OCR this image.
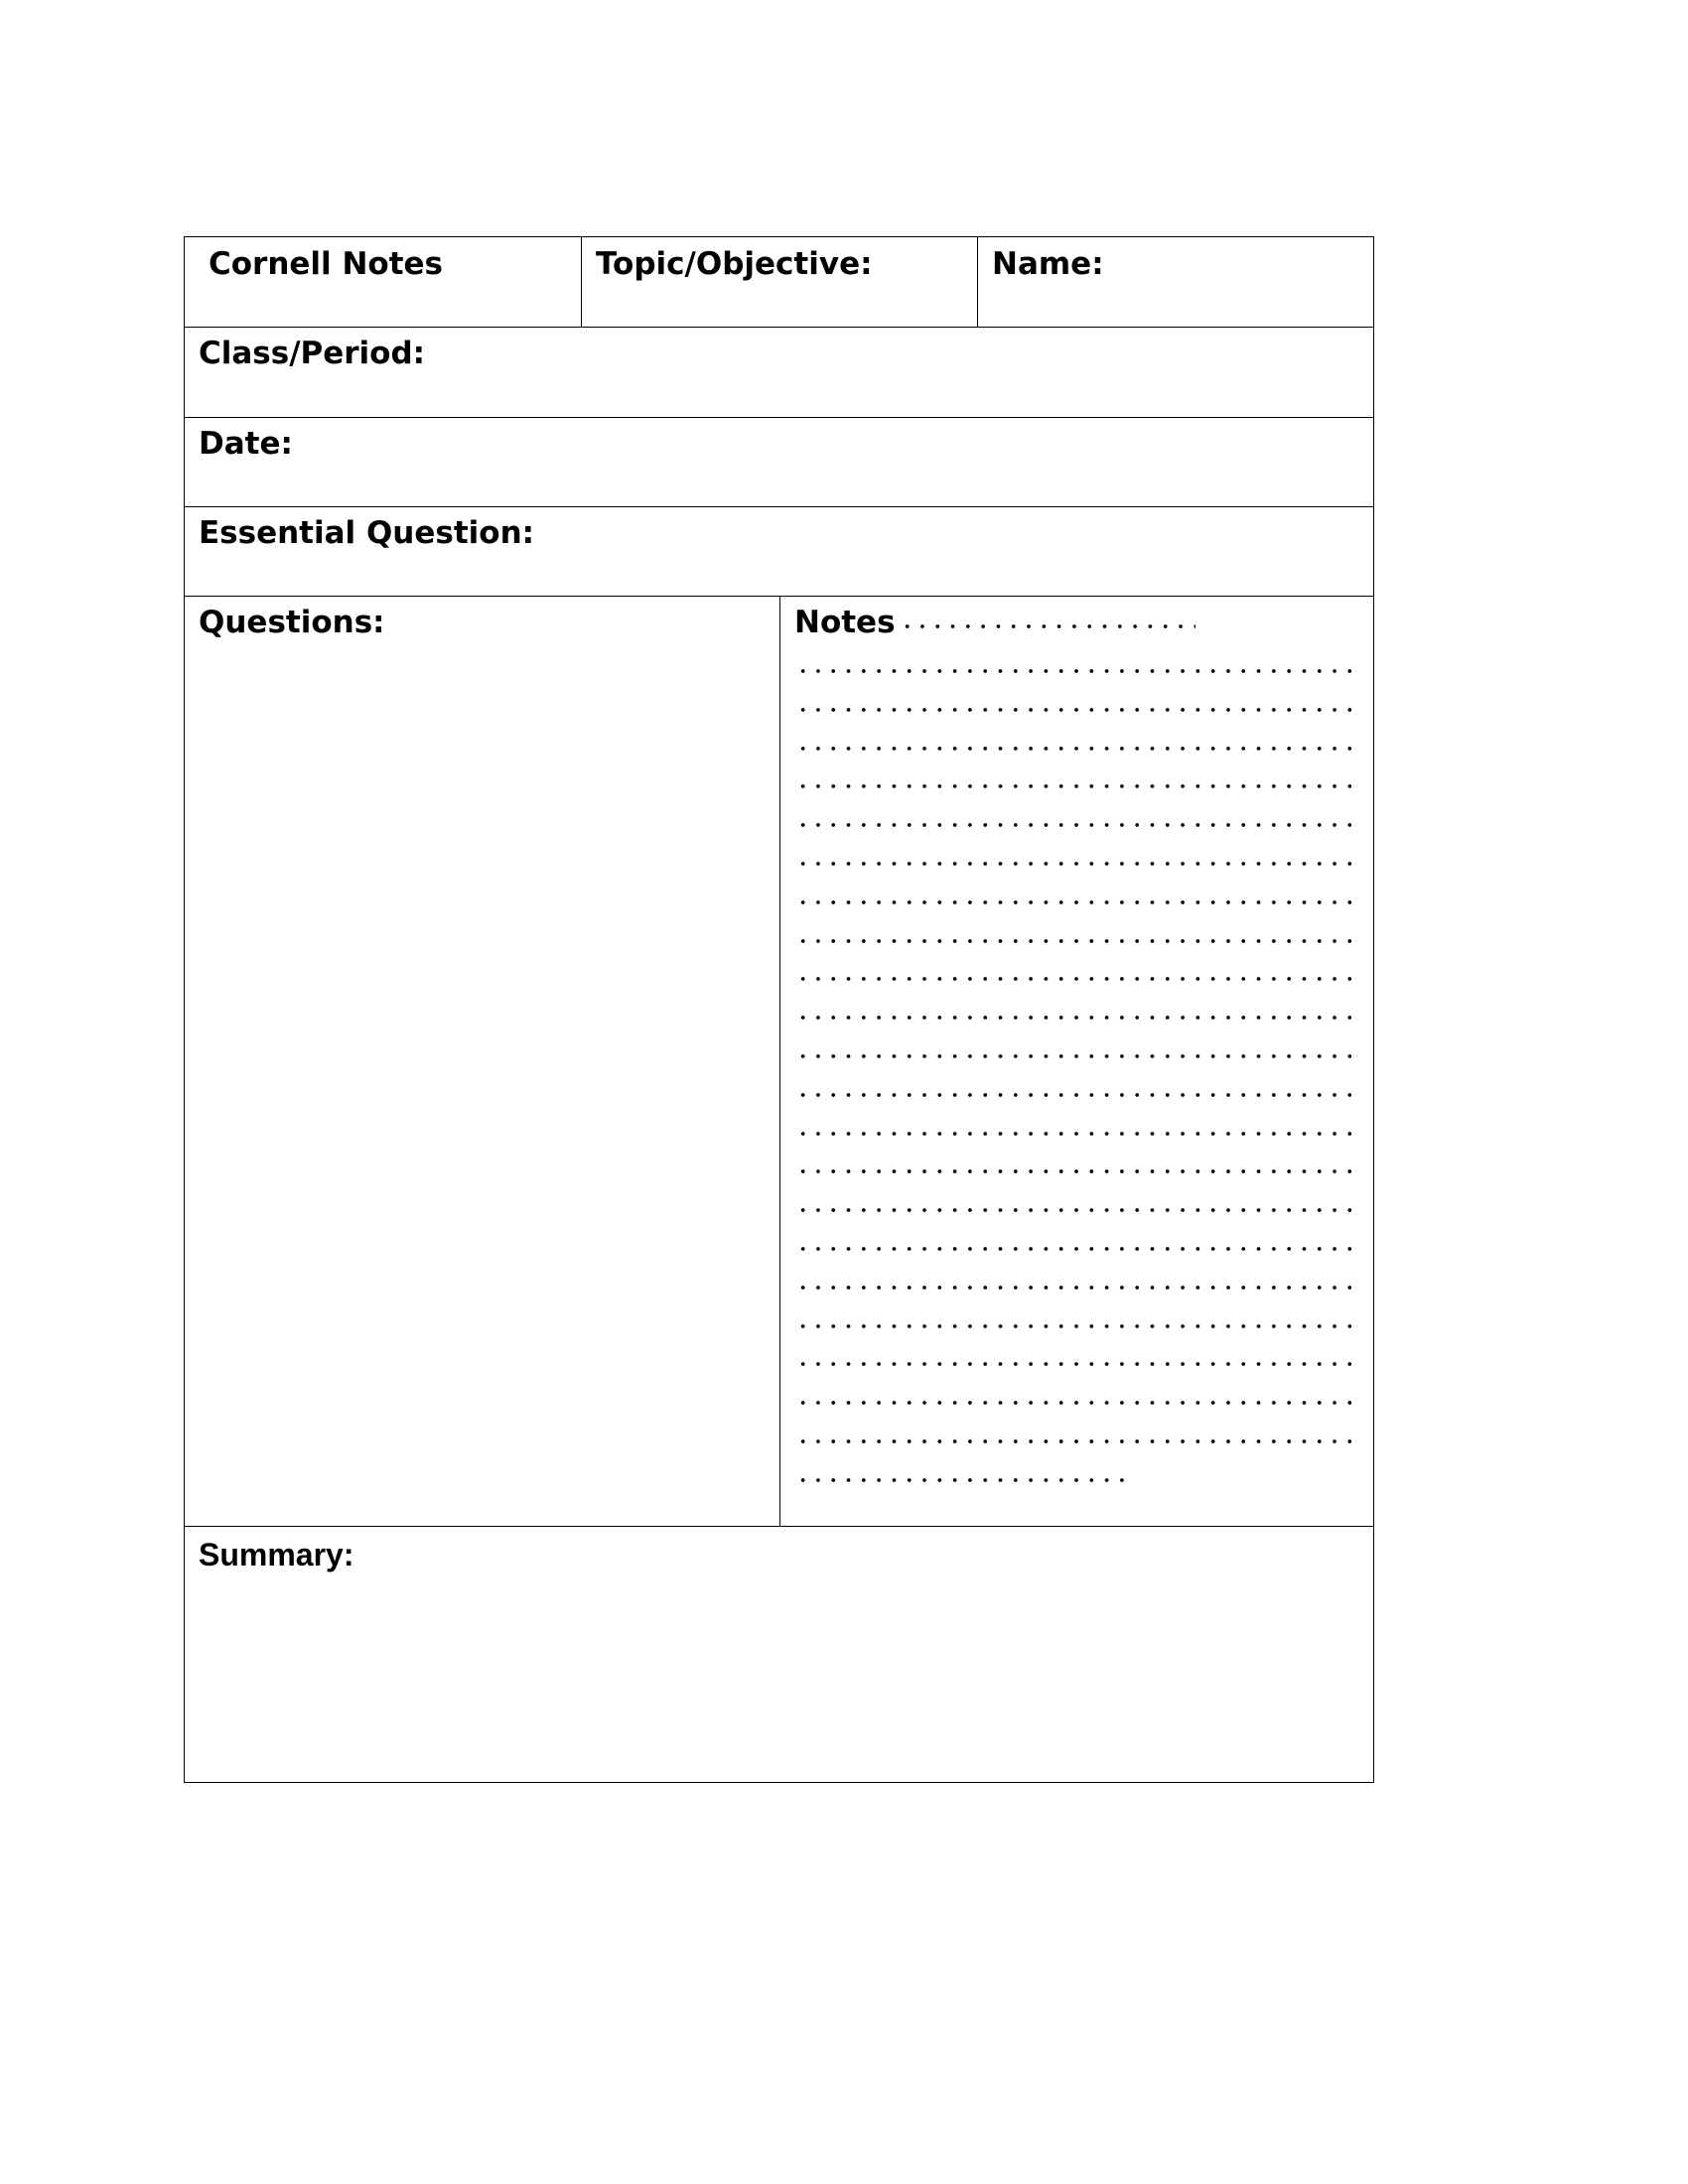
Cornell Notes	Topic/Objective:	Name:
Class/Period:
Date:
Essential Question:
Questions:	Notes
Summary:
